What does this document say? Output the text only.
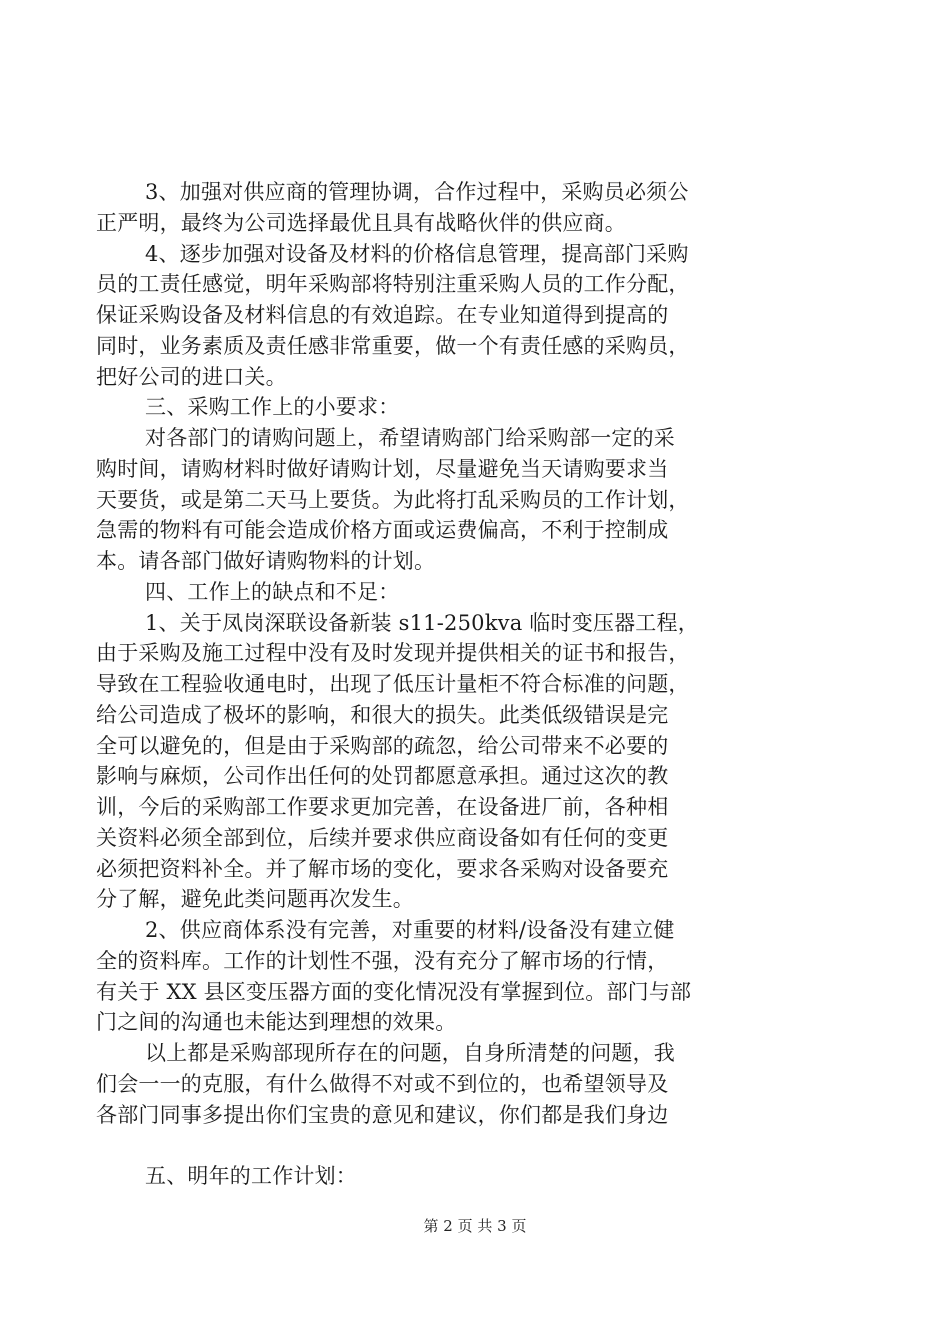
3、加强对供应商的管理协调，合作过程中，采购员必须公
正严明，最终为公司选择最优且具有战略伙伴的供应商。
4、逐步加强对设备及材料的价格信息管理，提高部门采购
员的工责任感觉，明年采购部将特别注重采购人员的工作分配，
保证采购设备及材料信息的有效追踪。在专业知道得到提高的
同时，业务素质及责任感非常重要，做一个有责任感的采购员，
把好公司的进口关。
三、采购工作上的小要求：
对各部门的请购问题上，希望请购部门给采购部一定的采
购时间，请购材料时做好请购计划，尽量避免当天请购要求当
天要货，或是第二天马上要货。为此将打乱采购员的工作计划，
急需的物料有可能会造成价格方面或运费偏高，不利于控制成
本。请各部门做好请购物料的计划。
四、工作上的缺点和不足：
1、关于凤岗深联设备新装 s11-250kva 临时变压器工程，
由于采购及施工过程中没有及时发现并提供相关的证书和报告，
导致在工程验收通电时，出现了低压计量柜不符合标准的问题，
给公司造成了极坏的影响，和很大的损失。此类低级错误是完
全可以避免的，但是由于采购部的疏忽，给公司带来不必要的
影响与麻烦，公司作出任何的处罚都愿意承担。通过这次的教
训，今后的采购部工作要求更加完善，在设备进厂前，各种相
关资料必须全部到位，后续并要求供应商设备如有任何的变更
必须把资料补全。并了解市场的变化，要求各采购对设备要充
分了解，避免此类问题再次发生。
2、供应商体系没有完善，对重要的材料/设备没有建立健
全的资料库。工作的计划性不强，没有充分了解市场的行情，
有关于 XX 县区变压器方面的变化情况没有掌握到位。部门与部
门之间的沟通也未能达到理想的效果。
以上都是采购部现所存在的问题，自身所清楚的问题，我
们会一一的克服，有什么做得不对或不到位的，也希望领导及
各部门同事多提出你们宝贵的意见和建议，你们都是我们身边
五、明年的工作计划：
第 2 页 共 3 页
